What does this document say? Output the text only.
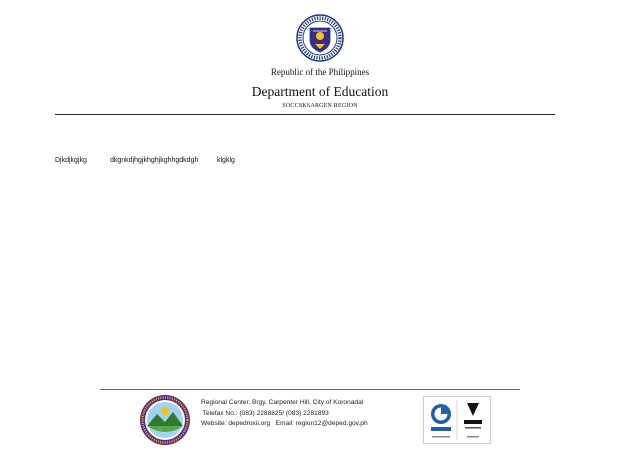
Republic of the Philippines
Department of Education
SOCCSKSARGEN REGION
Djkdjkgjkg	dkgnkdjhgjkhghjkghhgdkdgh	klgklg
Regional Center, Brgy. Carpenter Hill, City of Koronadal
Telefax No.: (083) 2288825/ (083) 2281893
Website: depedroxii.org   Email: region12@deped.gov.ph
